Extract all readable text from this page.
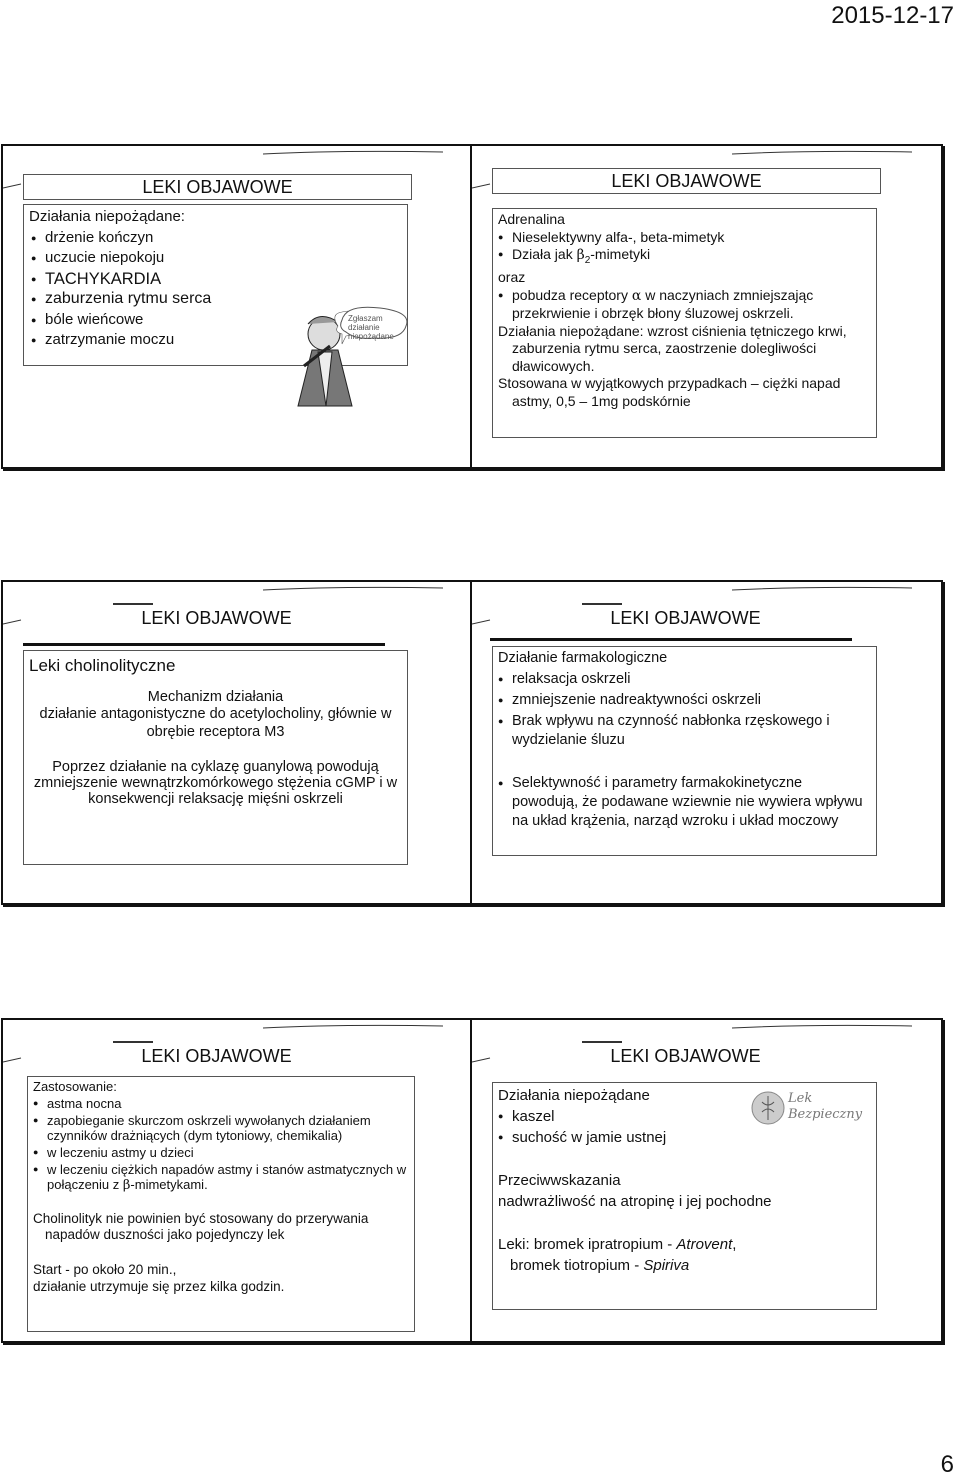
2015-12-17
LEKI OBJAWOWE
Działania niepożądane:
● drżenie kończyn
● uczucie niepokoju
● TACHYKARDIA
● zaburzenia rytmu serca
● bóle wieńcowe
● zatrzymanie moczu
Zgłaszam działanie niepożądane
LEKI OBJAWOWE
Adrenalina
● Nieselektywny alfa-, beta-mimetyk
● Działa jak $\beta_2$-mimetyki
oraz
● pobudza receptory α w naczyniach zmniejszając przekrwienie i obrzęk błony śluzowej oskrzeli.
Działania niepożądane: wzrost ciśnienia tętniczego krwi, zaburzenia rytmu serca, zaostrzenie dolegliwości dławicowych.
Stosowana w wyjątkowych przypadkach – ciężki napad astmy, 0,5 – 1mg podskórnie
LEKI OBJAWOWE
Leki cholinolityczne
Mechanizm działania
działanie antagonistyczne do acetylocholiny, głównie w obrębie receptora M3
Poprzez działanie na cyklazę guanylową powodują zmniejszenie wewnątrzkomórkowego stężenia cGMP i w konsekwencji relaksację mięśni oskrzeli
LEKI OBJAWOWE
Działanie farmakologiczne
● relaksacja oskrzeli
● zmniejszenie nadreaktywności oskrzeli
● Brak wpływu na czynność nabłonka rzęskowego i wydzielanie śluzu
● Selektywność i parametry farmakokinetyczne powodują, że podawane wziewnie nie wywiera wpływu na układ krążenia, narząd wzroku i układ moczowy
LEKI OBJAWOWE
Zastosowanie:
● astma nocna
● zapobieganie skurczom oskrzeli wywołanych działaniem czynników drażniących (dym tytoniowy, chemikalia)
● w leczeniu astmy u dzieci
● w leczeniu ciężkich napadów astmy i stanów astmatycznych w połączeniu z β-mimetykami.
Cholinolityk nie powinien być stosowany do przerywania napadów duszności jako pojedynczy lek
Start - po około 20 min.,
działanie utrzymuje się przez kilka godzin.
LEKI OBJAWOWE
Działania niepożądane
● kaszel
● suchość w jamie ustnej
Przeciwwskazania
nadwrażliwość na atropinę i jej pochodne
Leki: bromek ipratropium - Atrovent,
bromek tiotropium - Spiriva
Lek Bezpieczny
6
